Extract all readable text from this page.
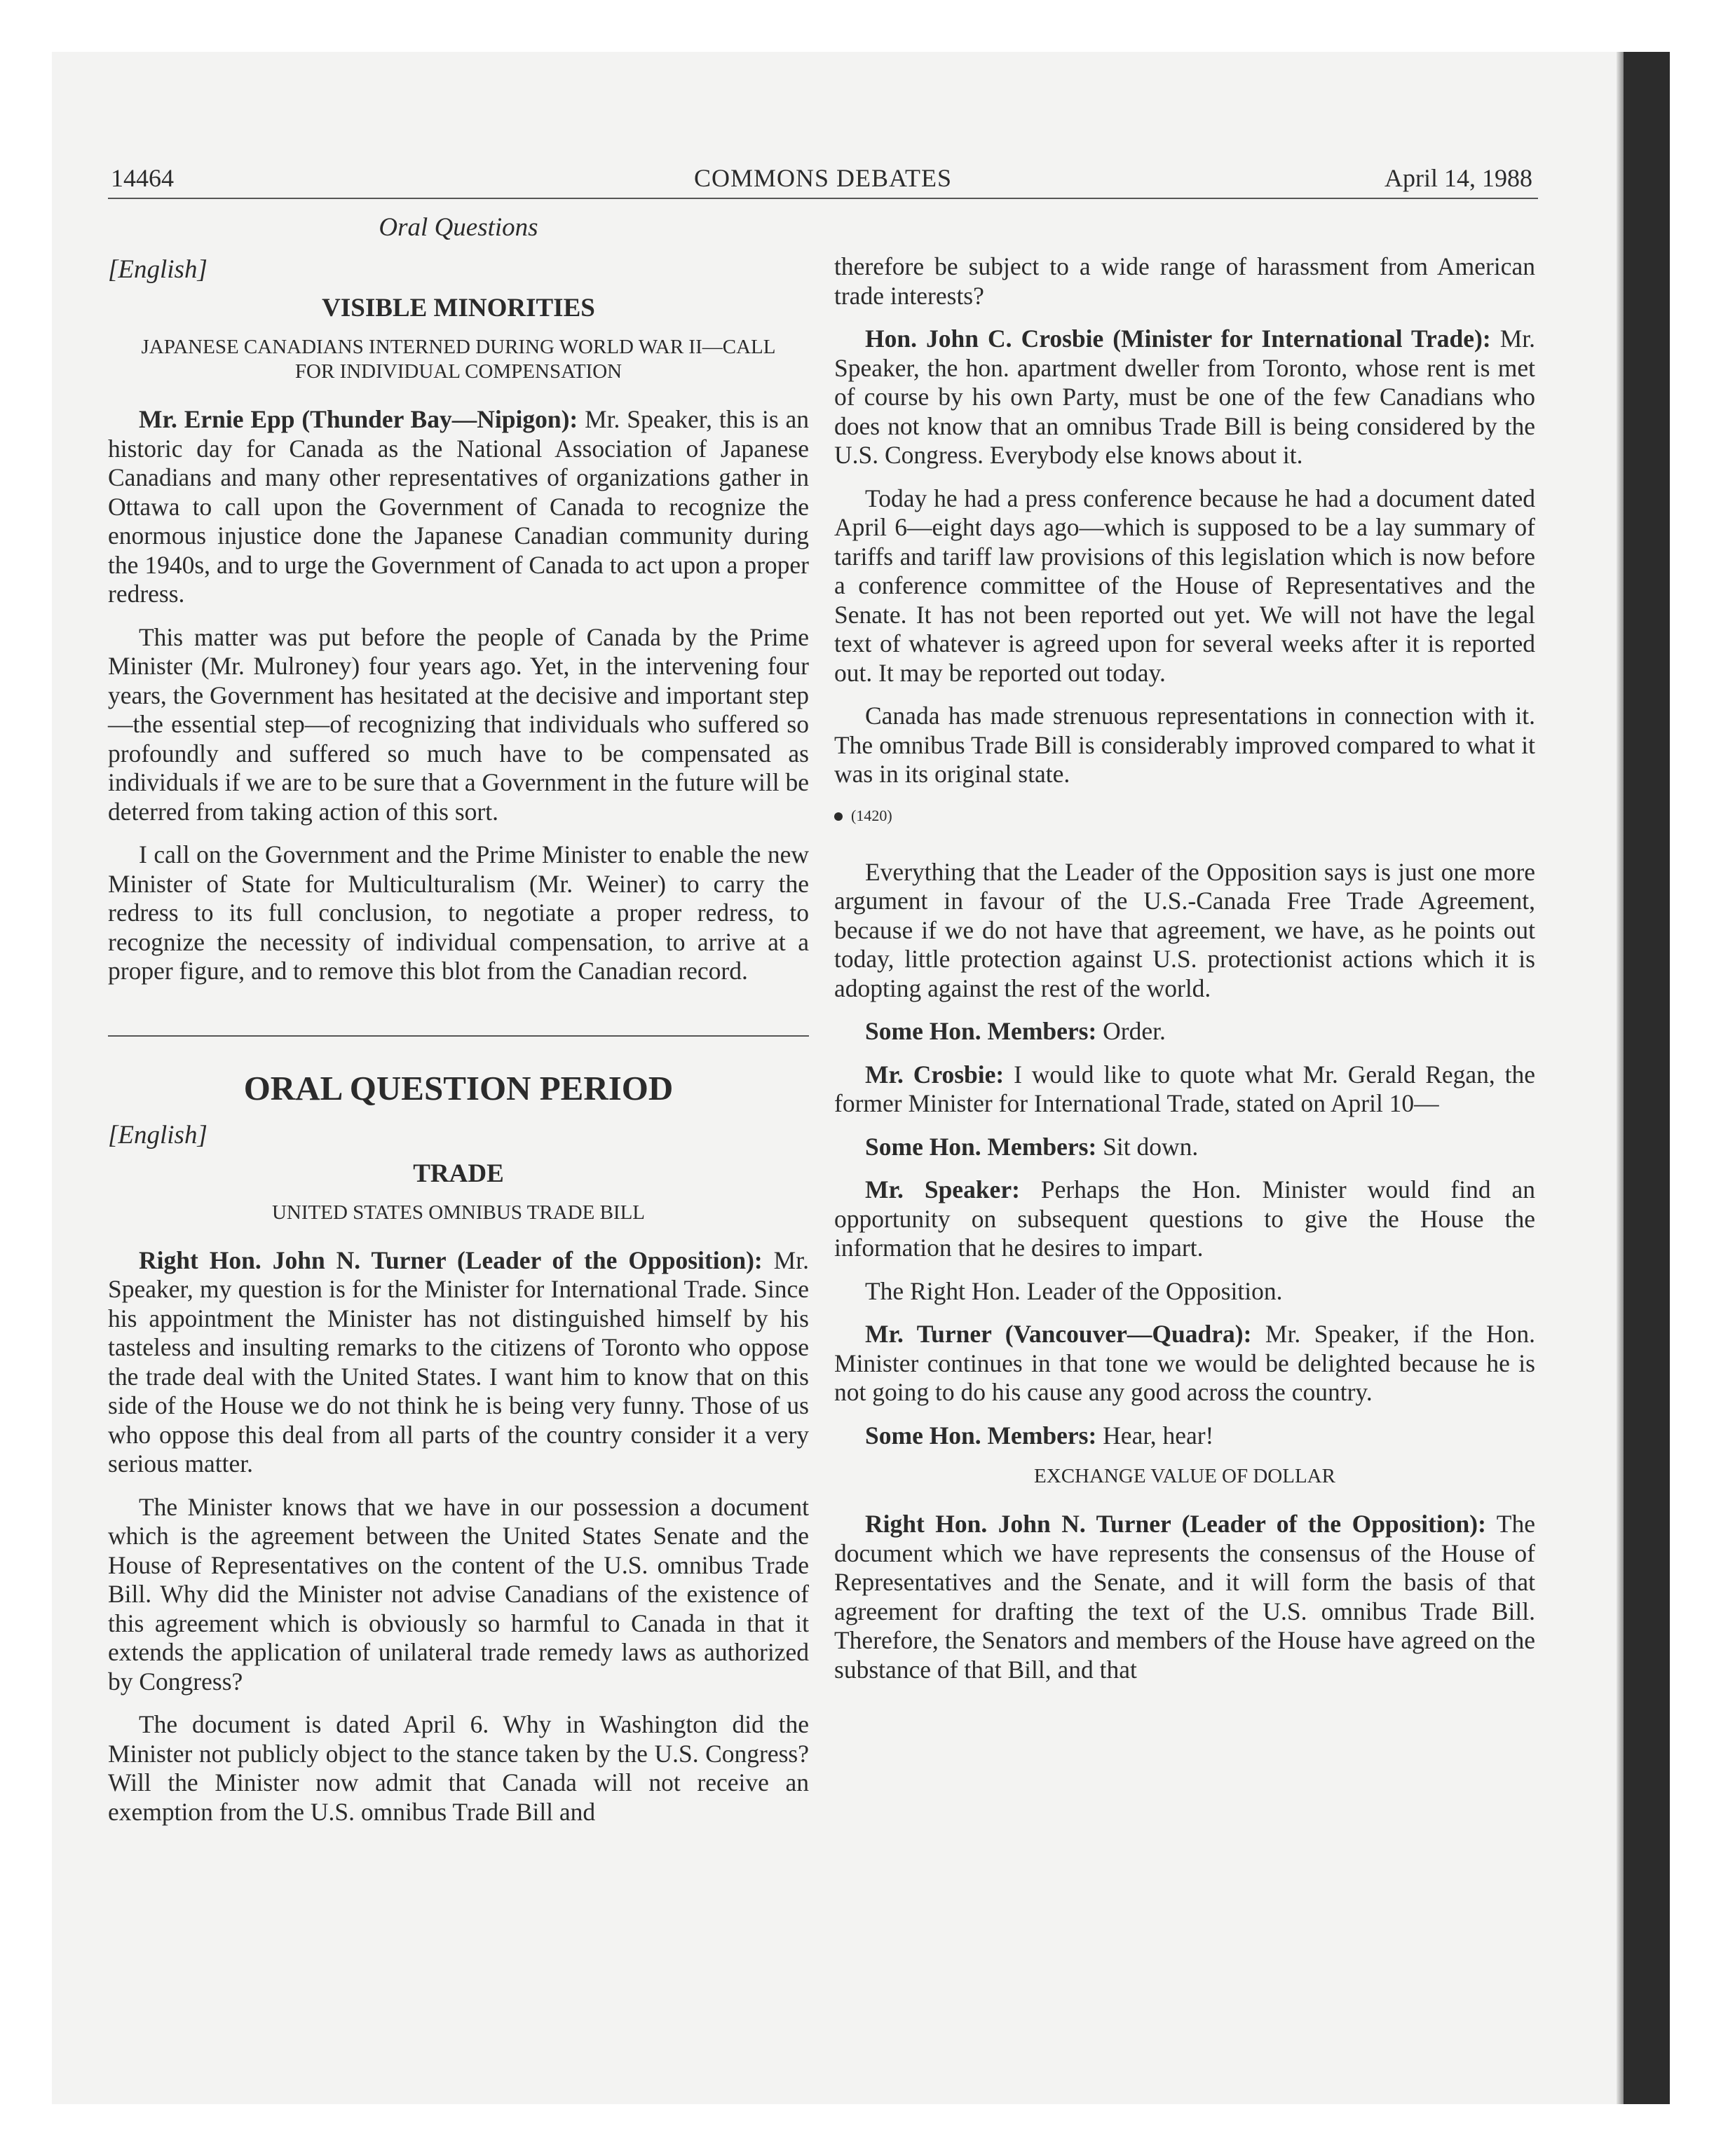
14464	COMMONS DEBATES	April 14, 1988
Oral Questions

[English]

VISIBLE MINORITIES
JAPANESE CANADIANS INTERNED DURING WORLD WAR II—CALL FOR INDIVIDUAL COMPENSATION

Mr. Ernie Epp (Thunder Bay—Nipigon): Mr. Speaker, this is an historic day for Canada as the National Association of Japanese Canadians and many other representatives of organizations gather in Ottawa to call upon the Government of Canada to recognize the enormous injustice done the Japanese Canadian community during the 1940s, and to urge the Government of Canada to act upon a proper redress.

This matter was put before the people of Canada by the Prime Minister (Mr. Mulroney) four years ago. Yet, in the intervening four years, the Government has hesitated at the decisive and important step—the essential step—of recognizing that individuals who suffered so profoundly and suffered so much have to be compensated as individuals if we are to be sure that a Government in the future will be deterred from taking action of this sort.

I call on the Government and the Prime Minister to enable the new Minister of State for Multiculturalism (Mr. Weiner) to carry the redress to its full conclusion, to negotiate a proper redress, to recognize the necessity of individual compensation, to arrive at a proper figure, and to remove this blot from the Canadian record.

ORAL QUESTION PERIOD

[English]

TRADE
UNITED STATES OMNIBUS TRADE BILL

Right Hon. John N. Turner (Leader of the Opposition): Mr. Speaker, my question is for the Minister for International Trade. Since his appointment the Minister has not distinguished himself by his tasteless and insulting remarks to the citizens of Toronto who oppose the trade deal with the United States. I want him to know that on this side of the House we do not think he is being very funny. Those of us who oppose this deal from all parts of the country consider it a very serious matter.

The Minister knows that we have in our possession a document which is the agreement between the United States Senate and the House of Representatives on the content of the U.S. omnibus Trade Bill. Why did the Minister not advise Canadians of the existence of this agreement which is obviously so harmful to Canada in that it extends the application of unilateral trade remedy laws as authorized by Congress?

The document is dated April 6. Why in Washington did the Minister not publicly object to the stance taken by the U.S. Congress? Will the Minister now admit that Canada will not receive an exemption from the U.S. omnibus Trade Bill and

therefore be subject to a wide range of harassment from American trade interests?

Hon. John C. Crosbie (Minister for International Trade): Mr. Speaker, the hon. apartment dweller from Toronto, whose rent is met of course by his own Party, must be one of the few Canadians who does not know that an omnibus Trade Bill is being considered by the U.S. Congress. Everybody else knows about it.

Today he had a press conference because he had a document dated April 6—eight days ago—which is supposed to be a lay summary of tariffs and tariff law provisions of this legislation which is now before a conference committee of the House of Representatives and the Senate. It has not been reported out yet. We will not have the legal text of whatever is agreed upon for several weeks after it is reported out. It may be reported out today.

Canada has made strenuous representations in connection with it. The omnibus Trade Bill is considerably improved compared to what it was in its original state.

(1420)

Everything that the Leader of the Opposition says is just one more argument in favour of the U.S.-Canada Free Trade Agreement, because if we do not have that agreement, we have, as he points out today, little protection against U.S. protectionist actions which it is adopting against the rest of the world.

Some Hon. Members: Order.

Mr. Crosbie: I would like to quote what Mr. Gerald Regan, the former Minister for International Trade, stated on April 10—

Some Hon. Members: Sit down.

Mr. Speaker: Perhaps the Hon. Minister would find an opportunity on subsequent questions to give the House the information that he desires to impart.

The Right Hon. Leader of the Opposition.

Mr. Turner (Vancouver—Quadra): Mr. Speaker, if the Hon. Minister continues in that tone we would be delighted because he is not going to do his cause any good across the country.

Some Hon. Members: Hear, hear!

EXCHANGE VALUE OF DOLLAR

Right Hon. John N. Turner (Leader of the Opposition): The document which we have represents the consensus of the House of Representatives and the Senate, and it will form the basis of that agreement for drafting the text of the U.S. omnibus Trade Bill. Therefore, the Senators and members of the House have agreed on the substance of that Bill, and that
